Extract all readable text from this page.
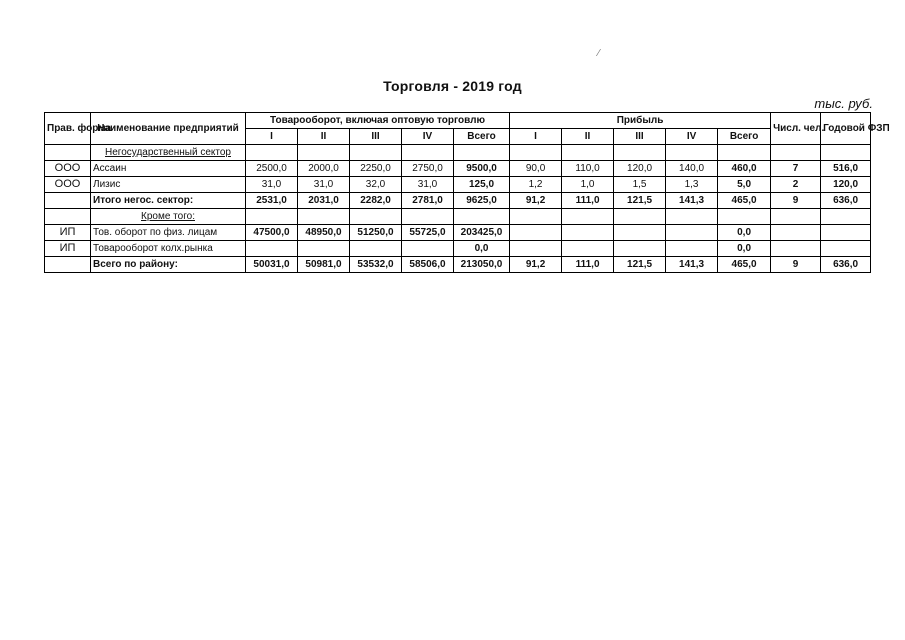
Торговля - 2019 год
тыс. руб.
⁄
Прав. форма	Наименование предприятий	Товарооборот, включая оптовую торговлю					Прибыль					Числ. чел.	Годовой ФЗП
		I	II	III	IV	Всего	I	II	III	IV	Всего		
	Негосударственный сектор												
ООО	Ассаин	2500,0	2000,0	2250,0	2750,0	9500,0	90,0	110,0	120,0	140,0	460,0	7	516,0
ООО	Лизис	31,0	31,0	32,0	31,0	125,0	1,2	1,0	1,5	1,3	5,0	2	120,0
	Итого негос. сектор:	2531,0	2031,0	2282,0	2781,0	9625,0	91,2	111,0	121,5	141,3	465,0	9	636,0
	Кроме того:												
ИП	Тов. оборот по физ. лицам	47500,0	48950,0	51250,0	55725,0	203425,0					0,0		
ИП	Товарооборот колх.рынка					0,0					0,0		
	Всего по району:	50031,0	50981,0	53532,0	58506,0	213050,0	91,2	111,0	121,5	141,3	465,0	9	636,0
